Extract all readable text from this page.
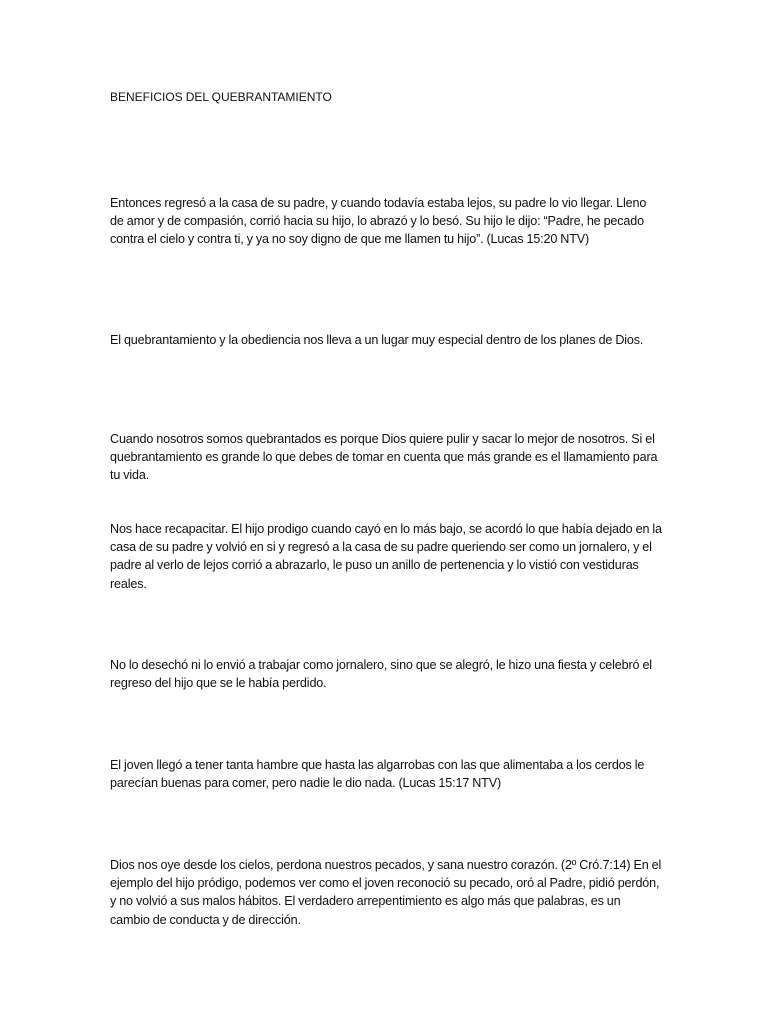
BENEFICIOS DEL QUEBRANTAMIENTO

Entonces regresó a la casa de su padre, y cuando todavía estaba lejos, su padre lo vio llegar. Lleno de amor y de compasión, corrió hacia su hijo, lo abrazó y lo besó. Su hijo le dijo: “Padre, he pecado contra el cielo y contra ti, y ya no soy digno de que me llamen tu hijo”. (Lucas 15:20 NTV)

El quebrantamiento y la obediencia nos lleva a un lugar muy especial dentro de los planes de Dios.

Cuando nosotros somos quebrantados es porque Dios quiere pulir y sacar lo mejor de nosotros. Si el quebrantamiento es grande lo que debes de tomar en cuenta que más grande es el llamamiento para tu vida.

Nos hace recapacitar. El hijo prodigo cuando cayó en lo más bajo, se acordó lo que había dejado en la casa de su padre y volvió en si y regresó a la casa de su padre queriendo ser como un jornalero, y el padre al verlo de lejos corrió a abrazarlo, le puso un anillo de pertenencia y lo vistió con vestiduras reales.

No lo desechó ni lo envió a trabajar como jornalero, sino que se alegró, le hizo una fiesta y celebró el regreso del hijo que se le había perdido.

El joven llegó a tener tanta hambre que hasta las algarrobas con las que alimentaba a los cerdos le parecían buenas para comer, pero nadie le dio nada. (Lucas 15:17 NTV)

Dios nos oye desde los cielos, perdona nuestros pecados, y sana nuestro corazón. (2º Cró.7:14) En el ejemplo del hijo pródigo, podemos ver como el joven reconoció su pecado, oró al Padre, pidió perdón, y no volvió a sus malos hábitos. El verdadero arrepentimiento es algo más que palabras, es un cambio de conducta y de dirección.
